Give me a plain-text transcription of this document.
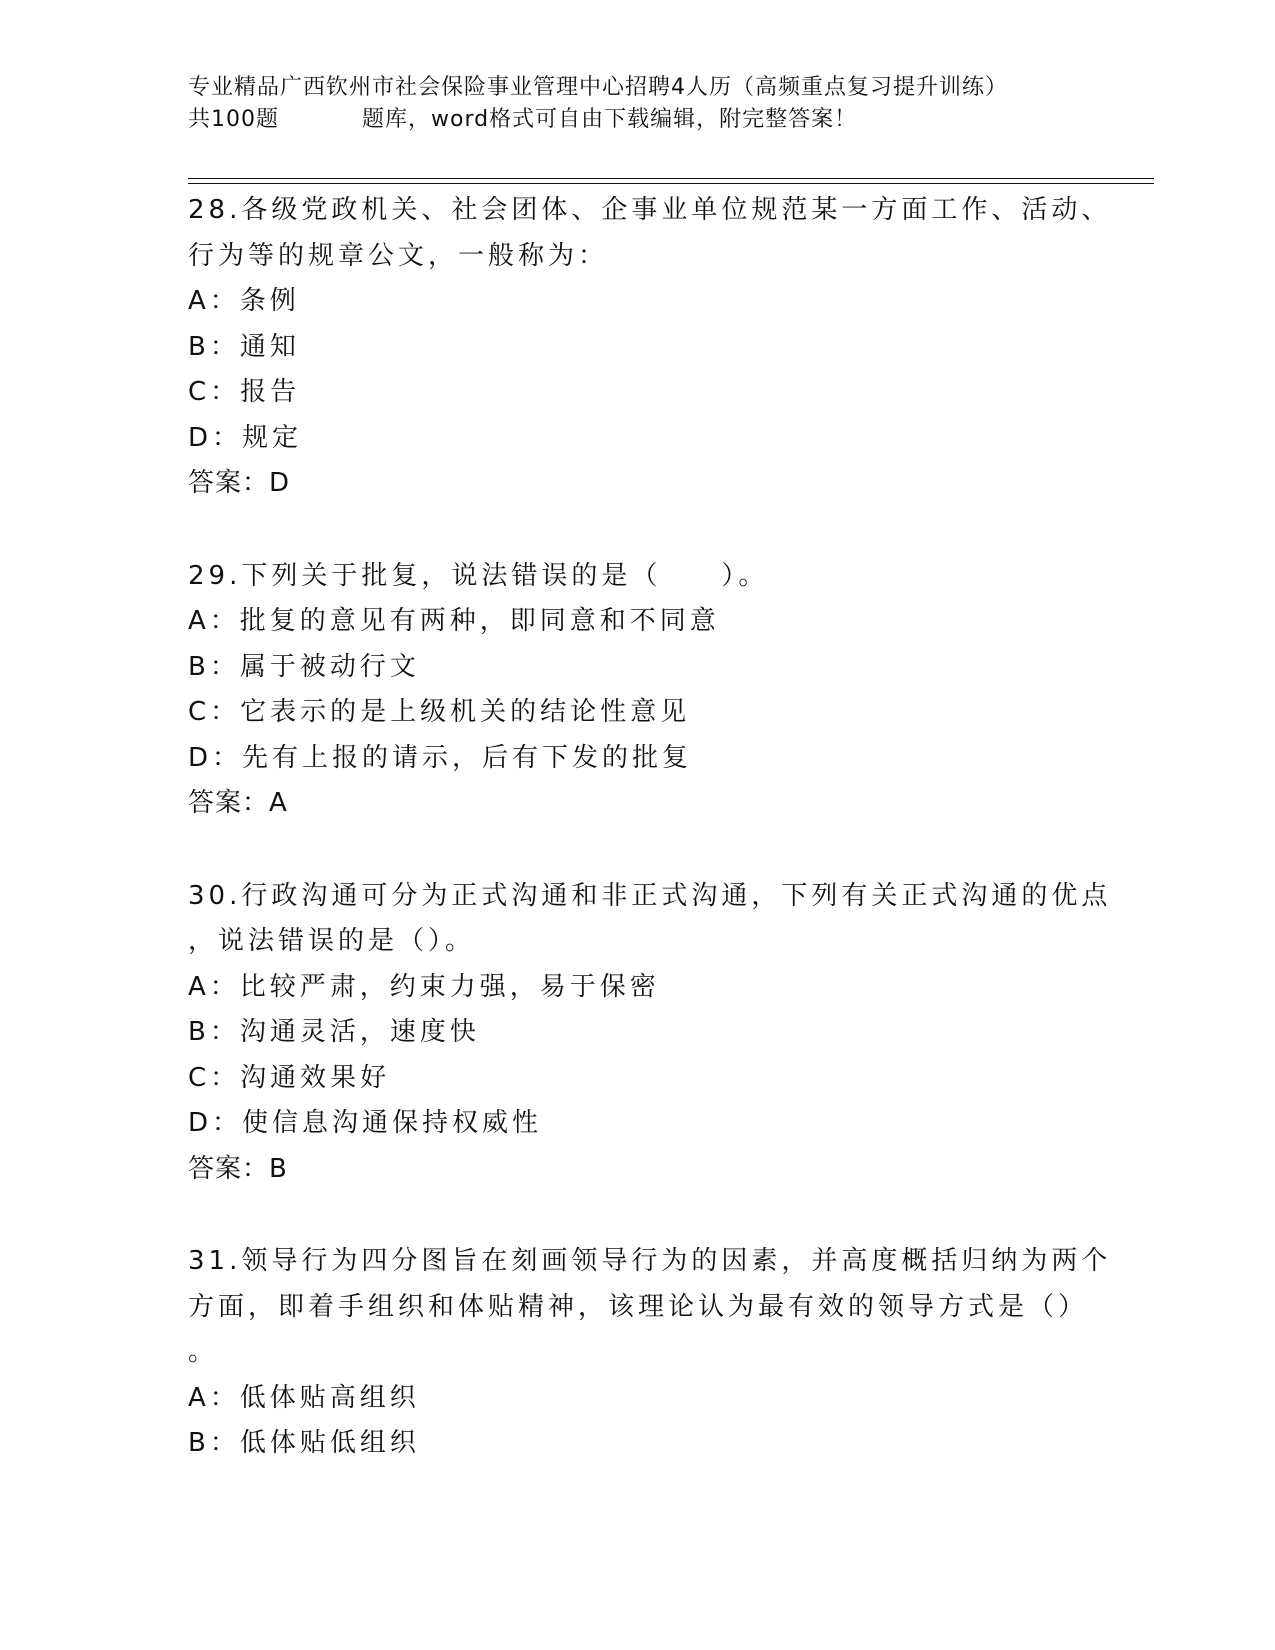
专业精品广西钦州市社会保险事业管理中心招聘4人历（高频重点复习提升训练）
共100题	题库，word格式可自由下载编辑，附完整答案！
28.各级党政机关、社会团体、企事业单位规范某一方面工作、活动、
行为等的规章公文，一般称为：
A：条例
B：通知
C：报告
D：规定
答案：D
29.下列关于批复，说法错误的是（　　）。
A：批复的意见有两种，即同意和不同意
B：属于被动行文
C：它表示的是上级机关的结论性意见
D：先有上报的请示，后有下发的批复
答案：A
30.行政沟通可分为正式沟通和非正式沟通，下列有关正式沟通的优点
，说法错误的是（）。
A：比较严肃，约束力强，易于保密
B：沟通灵活，速度快
C：沟通效果好
D：使信息沟通保持权威性
答案：B
31.领导行为四分图旨在刻画领导行为的因素，并高度概括归纳为两个
方面，即着手组织和体贴精神，该理论认为最有效的领导方式是（）
。
A：低体贴高组织
B：低体贴低组织
